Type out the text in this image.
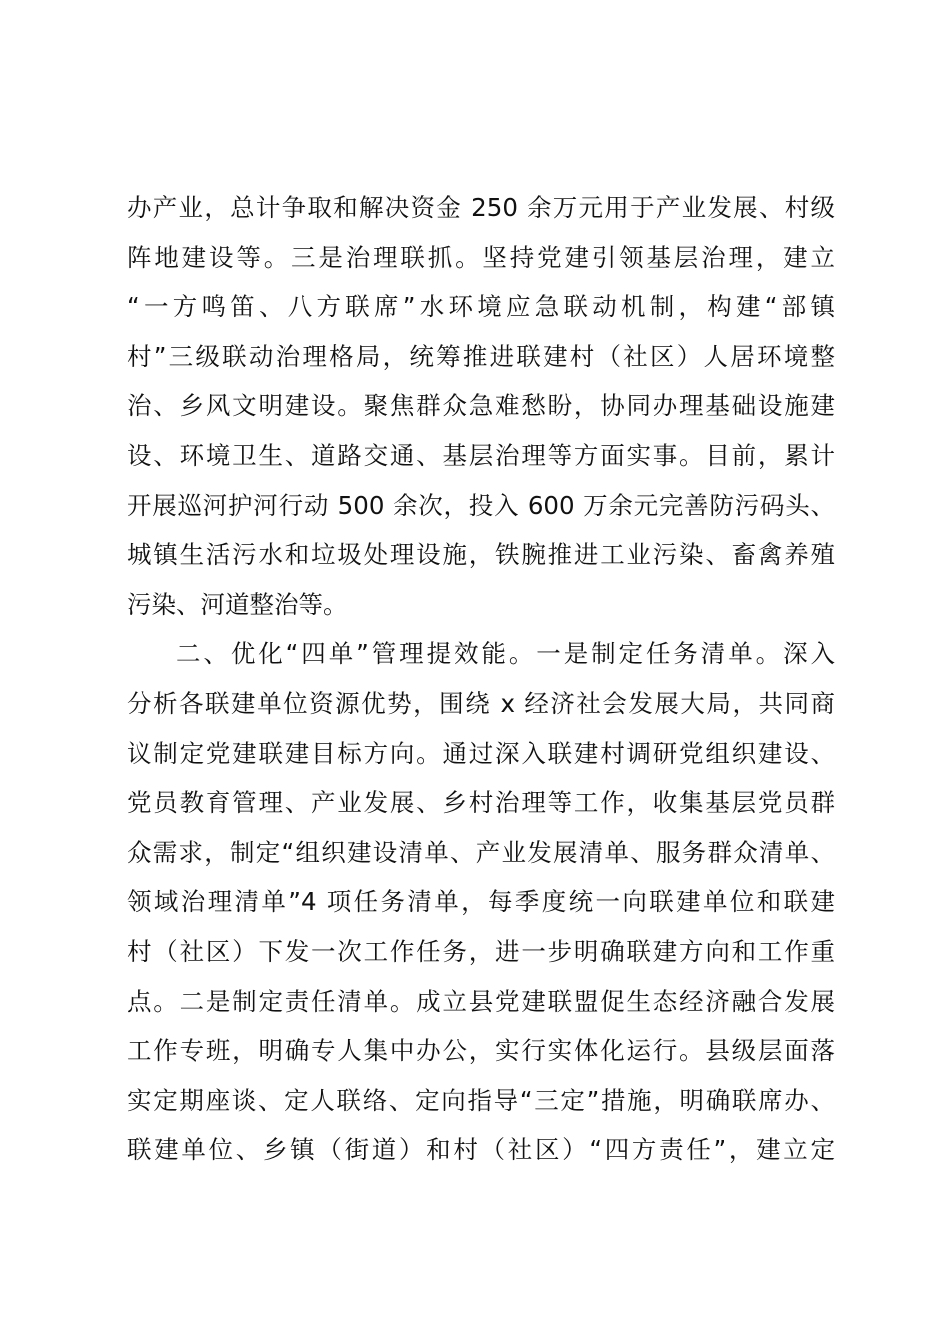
办产业，总计争取和解决资金 250 余万元用于产业发展、村级
阵地建设等。三是治理联抓。坚持党建引领基层治理，建立
“一方鸣笛、八方联席”水环境应急联动机制，构建“部镇
村”三级联动治理格局，统筹推进联建村（社区）人居环境整
治、乡风文明建设。聚焦群众急难愁盼，协同办理基础设施建
设、环境卫生、道路交通、基层治理等方面实事。目前，累计
开展巡河护河行动 500 余次，投入 600 万余元完善防污码头、
城镇生活污水和垃圾处理设施，铁腕推进工业污染、畜禽养殖
污染、河道整治等。
二、优化“四单”管理提效能。一是制定任务清单。深入
分析各联建单位资源优势，围绕 x 经济社会发展大局，共同商
议制定党建联建目标方向。通过深入联建村调研党组织建设、
党员教育管理、产业发展、乡村治理等工作，收集基层党员群
众需求，制定“组织建设清单、产业发展清单、服务群众清单、
领域治理清单”4 项任务清单，每季度统一向联建单位和联建
村（社区）下发一次工作任务，进一步明确联建方向和工作重
点。二是制定责任清单。成立县党建联盟促生态经济融合发展
工作专班，明确专人集中办公，实行实体化运行。县级层面落
实定期座谈、定人联络、定向指导“三定”措施，明确联席办、
联建单位、乡镇（街道）和村（社区）“四方责任”，建立定
